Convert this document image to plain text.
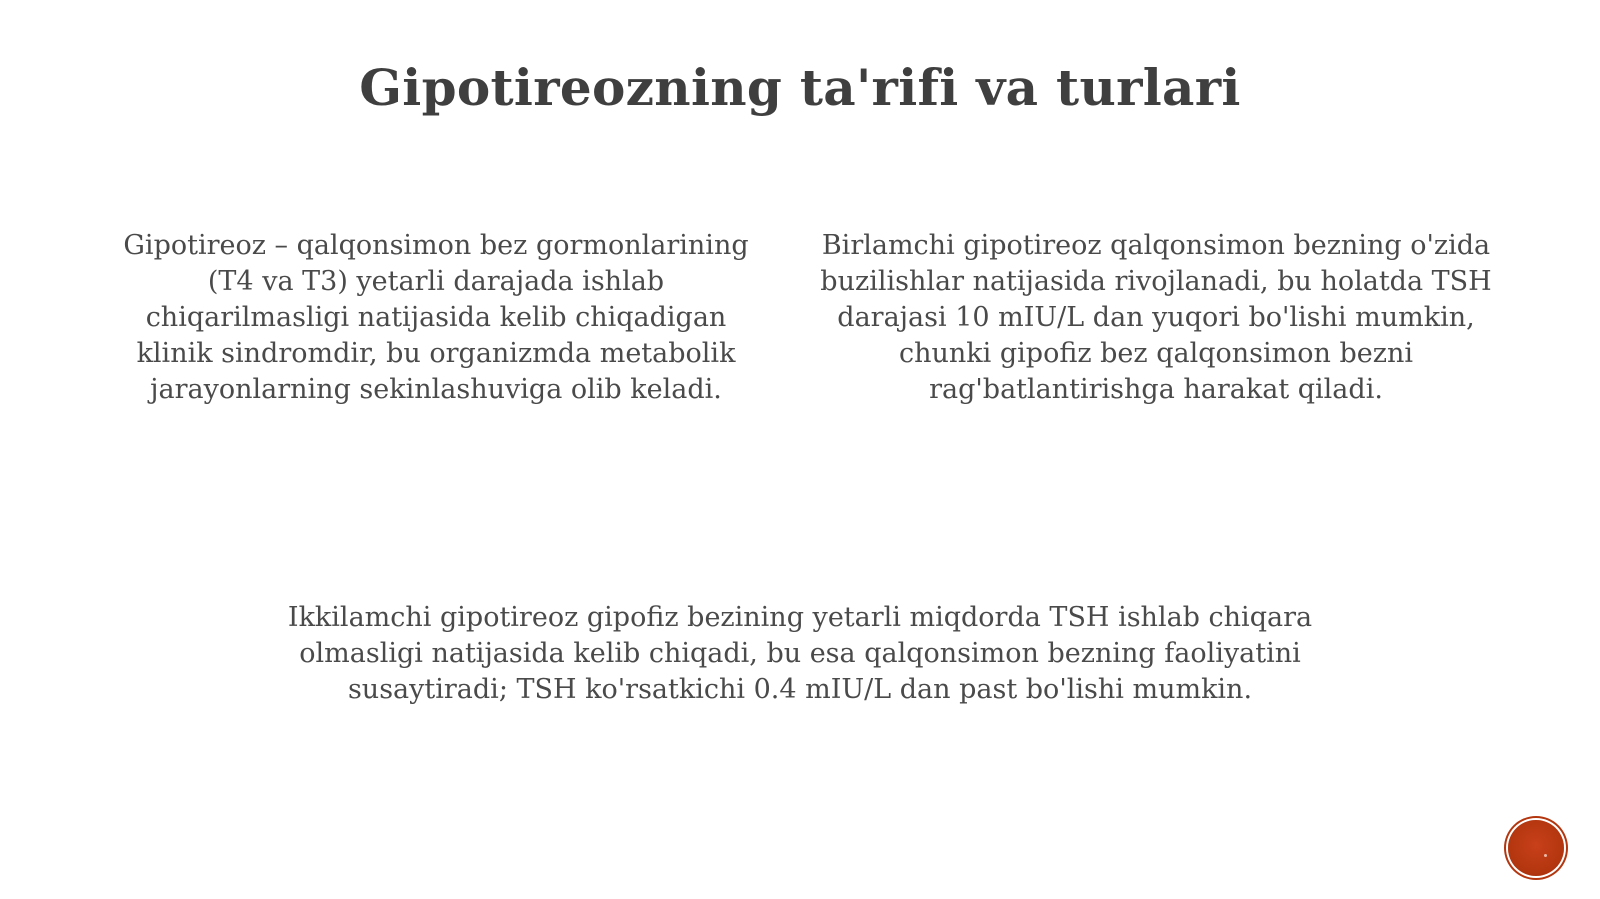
Gipotireozning ta'rifi va turlari

Gipotireoz – qalqonsimon bez gormonlarining (T4 va T3) yetarli darajada ishlab chiqarilmasligi natijasida kelib chiqadigan klinik sindromdir, bu organizmda metabolik jarayonlarning sekinlashuviga olib keladi.

Birlamchi gipotireoz qalqonsimon bezning o'zida buzilishlar natijasida rivojlanadi, bu holatda TSH darajasi 10 mIU/L dan yuqori bo'lishi mumkin, chunki gipofiz bez qalqonsimon bezni rag'batlantirishga harakat qiladi.

Ikkilamchi gipotireoz gipofiz bezining yetarli miqdorda TSH ishlab chiqara olmasligi natijasida kelib chiqadi, bu esa qalqonsimon bezning faoliyatini susaytiradi; TSH ko'rsatkichi 0.4 mIU/L dan past bo'lishi mumkin.
